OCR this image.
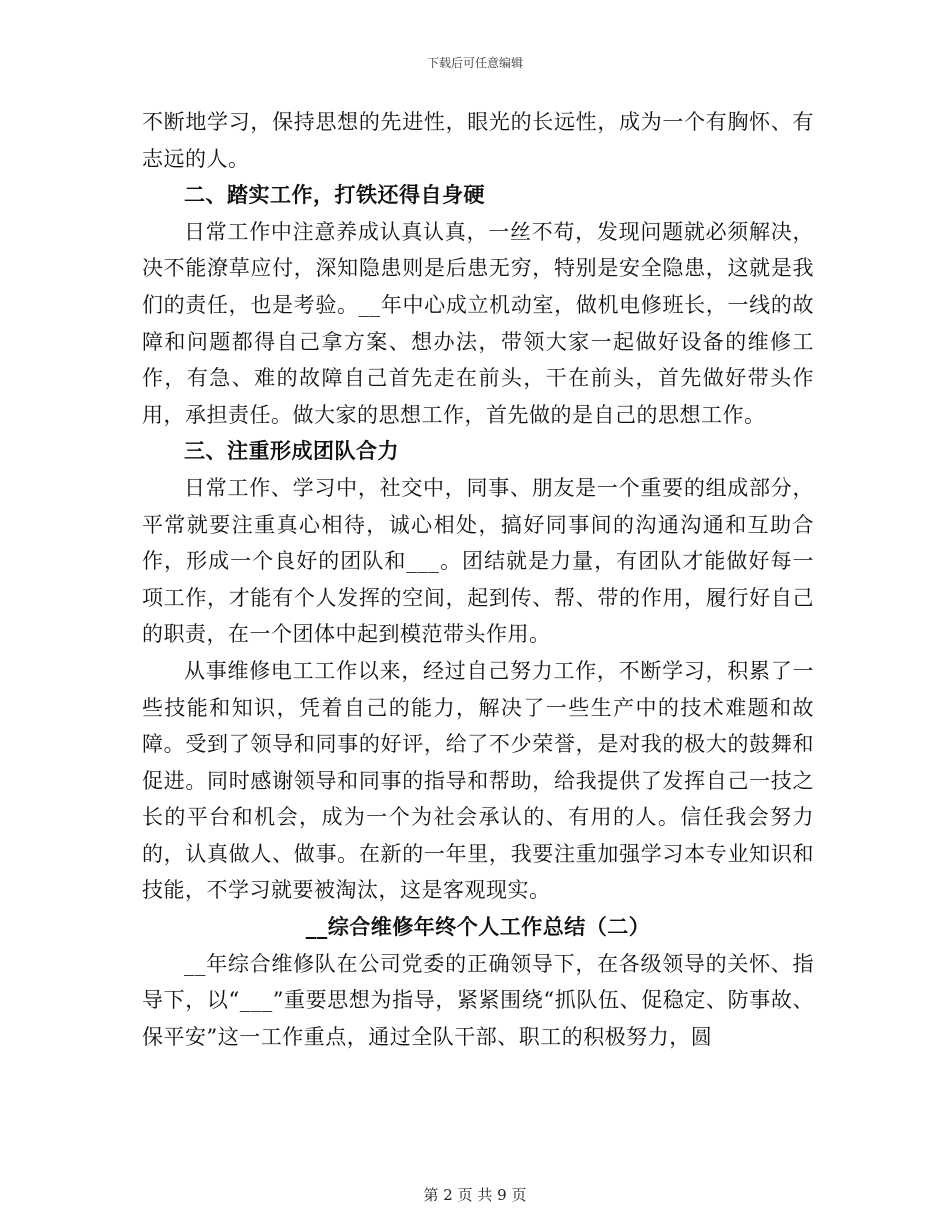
下载后可任意编辑

不断地学习，保持思想的先进性，眼光的长远性，成为一个有胸怀、有志远的人。

二、踏实工作，打铁还得自身硬

日常工作中注意养成认真认真，一丝不苟，发现问题就必须解决，决不能潦草应付，深知隐患则是后患无穷，特别是安全隐患，这就是我们的责任，也是考验。__年中心成立机动室，做机电修班长，一线的故障和问题都得自己拿方案、想办法，带领大家一起做好设备的维修工作，有急、难的故障自己首先走在前头，干在前头，首先做好带头作用，承担责任。做大家的思想工作，首先做的是自己的思想工作。

三、注重形成团队合力

日常工作、学习中，社交中，同事、朋友是一个重要的组成部分，平常就要注重真心相待，诚心相处，搞好同事间的沟通沟通和互助合作，形成一个良好的团队和___。团结就是力量，有团队才能做好每一项工作，才能有个人发挥的空间，起到传、帮、带的作用，履行好自己的职责，在一个团体中起到模范带头作用。

从事维修电工工作以来，经过自己努力工作，不断学习，积累了一些技能和知识，凭着自己的能力，解决了一些生产中的技术难题和故障。受到了领导和同事的好评，给了不少荣誉，是对我的极大的鼓舞和促进。同时感谢领导和同事的指导和帮助，给我提供了发挥自己一技之长的平台和机会，成为一个为社会承认的、有用的人。信任我会努力的，认真做人、做事。在新的一年里，我要注重加强学习本专业知识和技能，不学习就要被淘汰，这是客观现实。

__综合维修年终个人工作总结（二）

__年综合维修队在公司党委的正确领导下，在各级领导的关怀、指导下，以“___”重要思想为指导，紧紧围绕“抓队伍、促稳定、防事故、保平安”这一工作重点，通过全队干部、职工的积极努力，圆

第 2 页 共 9 页
